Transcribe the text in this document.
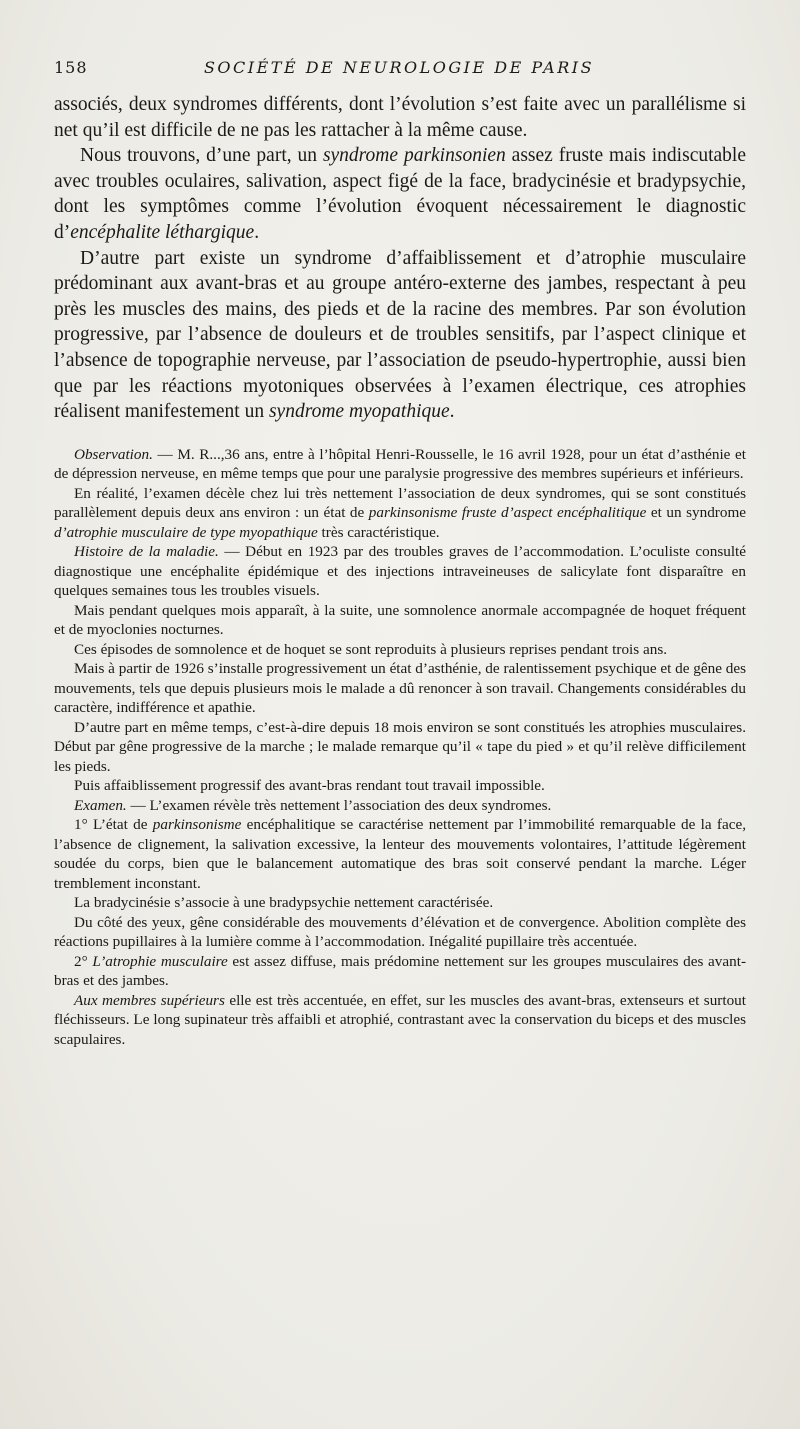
158	SOCIÉTÉ DE NEUROLOGIE DE PARIS

associés, deux syndromes différents, dont l’évolution s’est faite avec un parallélisme si net qu’il est difficile de ne pas les rattacher à la même cause.

Nous trouvons, d’une part, un syndrome parkinsonien assez fruste mais indiscutable avec troubles oculaires, salivation, aspect figé de la face, bradycinésie et bradypsychie, dont les symptômes comme l’évolution évoquent nécessairement le diagnostic d’encéphalite léthargique.

D’autre part existe un syndrome d’affaiblissement et d’atrophie musculaire prédominant aux avant-bras et au groupe antéro-externe des jambes, respectant à peu près les muscles des mains, des pieds et de la racine des membres. Par son évolution progressive, par l’absence de douleurs et de troubles sensitifs, par l’aspect clinique et l’absence de topographie nerveuse, par l’association de pseudo-hypertrophie, aussi bien que par les réactions myotoniques observées à l’examen électrique, ces atrophies réalisent manifestement un syndrome myopathique.

Observation. — M. R...,36 ans, entre à l’hôpital Henri-Rousselle, le 16 avril 1928, pour un état d’asthénie et de dépression nerveuse, en même temps que pour une paralysie progressive des membres supérieurs et inférieurs.

En réalité, l’examen décèle chez lui très nettement l’association de deux syndromes, qui se sont constitués parallèlement depuis deux ans environ : un état de parkinsonisme fruste d’aspect encéphalitique et un syndrome d’atrophie musculaire de type myopathique très caractéristique.

Histoire de la maladie. — Début en 1923 par des troubles graves de l’accommodation. L’oculiste consulté diagnostique une encéphalite épidémique et des injections intraveineuses de salicylate font disparaître en quelques semaines tous les troubles visuels.

Mais pendant quelques mois apparaît, à la suite, une somnolence anormale accompagnée de hoquet fréquent et de myoclonies nocturnes.

Ces épisodes de somnolence et de hoquet se sont reproduits à plusieurs reprises pendant trois ans.

Mais à partir de 1926 s’installe progressivement un état d’asthénie, de ralentissement psychique et de gêne des mouvements, tels que depuis plusieurs mois le malade a dû renoncer à son travail. Changements considérables du caractère, indifférence et apathie.

D’autre part en même temps, c’est-à-dire depuis 18 mois environ se sont constitués les atrophies musculaires. Début par gêne progressive de la marche ; le malade remarque qu’il « tape du pied » et qu’il relève difficilement les pieds.

Puis affaiblissement progressif des avant-bras rendant tout travail impossible.

Examen. — L’examen révèle très nettement l’association des deux syndromes.

1° L’état de parkinsonisme encéphalitique se caractérise nettement par l’immobilité remarquable de la face, l’absence de clignement, la salivation excessive, la lenteur des mouvements volontaires, l’attitude légèrement soudée du corps, bien que le balancement automatique des bras soit conservé pendant la marche. Léger tremblement inconstant.

La bradycinésie s’associe à une bradypsychie nettement caractérisée.

Du côté des yeux, gêne considérable des mouvements d’élévation et de convergence. Abolition complète des réactions pupillaires à la lumière comme à l’accommodation. Inégalité pupillaire très accentuée.

2° L’atrophie musculaire est assez diffuse, mais prédomine nettement sur les groupes musculaires des avant-bras et des jambes.

Aux membres supérieurs elle est très accentuée, en effet, sur les muscles des avant-bras, extenseurs et surtout fléchisseurs. Le long supinateur très affaibli et atrophié, contrastant avec la conservation du biceps et des muscles scapulaires.
